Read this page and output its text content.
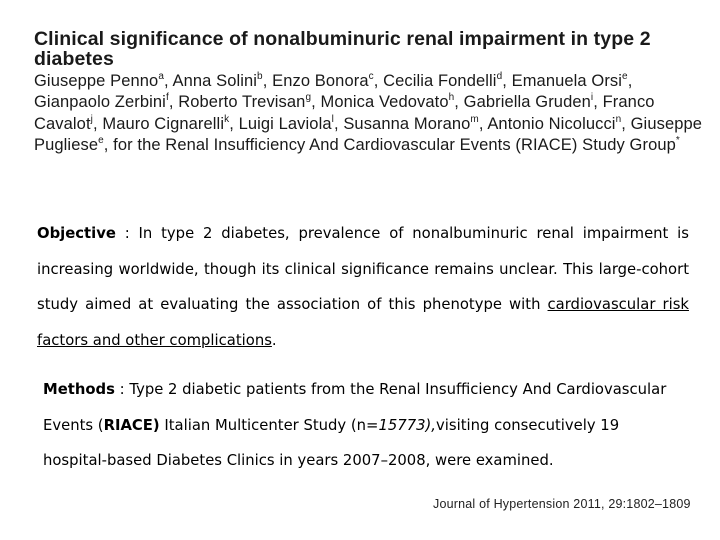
Clinical significance of nonalbuminuric renal impairment in type 2 diabetes
Giuseppe Penno$^a$, Anna Solini$^b$, Enzo Bonora$^c$, Cecilia Fondelli$^d$, Emanuela Orsi$^e$, Gianpaolo Zerbini$^f$, Roberto Trevisan$^g$, Monica Vedovato$^h$, Gabriella Gruden$^i$, Franco Cavalot$^j$, Mauro Cignarelli$^k$, Luigi Laviola$^l$, Susanna Morano$^m$, Antonio Nicolucci$^n$, Giuseppe Pugliese$^e$, for the Renal Insufficiency And Cardiovascular Events (RIACE) Study Group*
Objective : In type 2 diabetes, prevalence of nonalbuminuric renal impairment is increasing worldwide, though its clinical significance remains unclear. This large-cohort study aimed at evaluating the association of this phenotype with cardiovascular risk factors and other complications.
Methods : Type 2 diabetic patients from the Renal Insufficiency And Cardiovascular Events (RIACE) Italian Multicenter Study (n=15773),visiting consecutively 19 hospital-based Diabetes Clinics in years 2007–2008, were examined.
Journal of Hypertension 2011, 29:1802–1809
